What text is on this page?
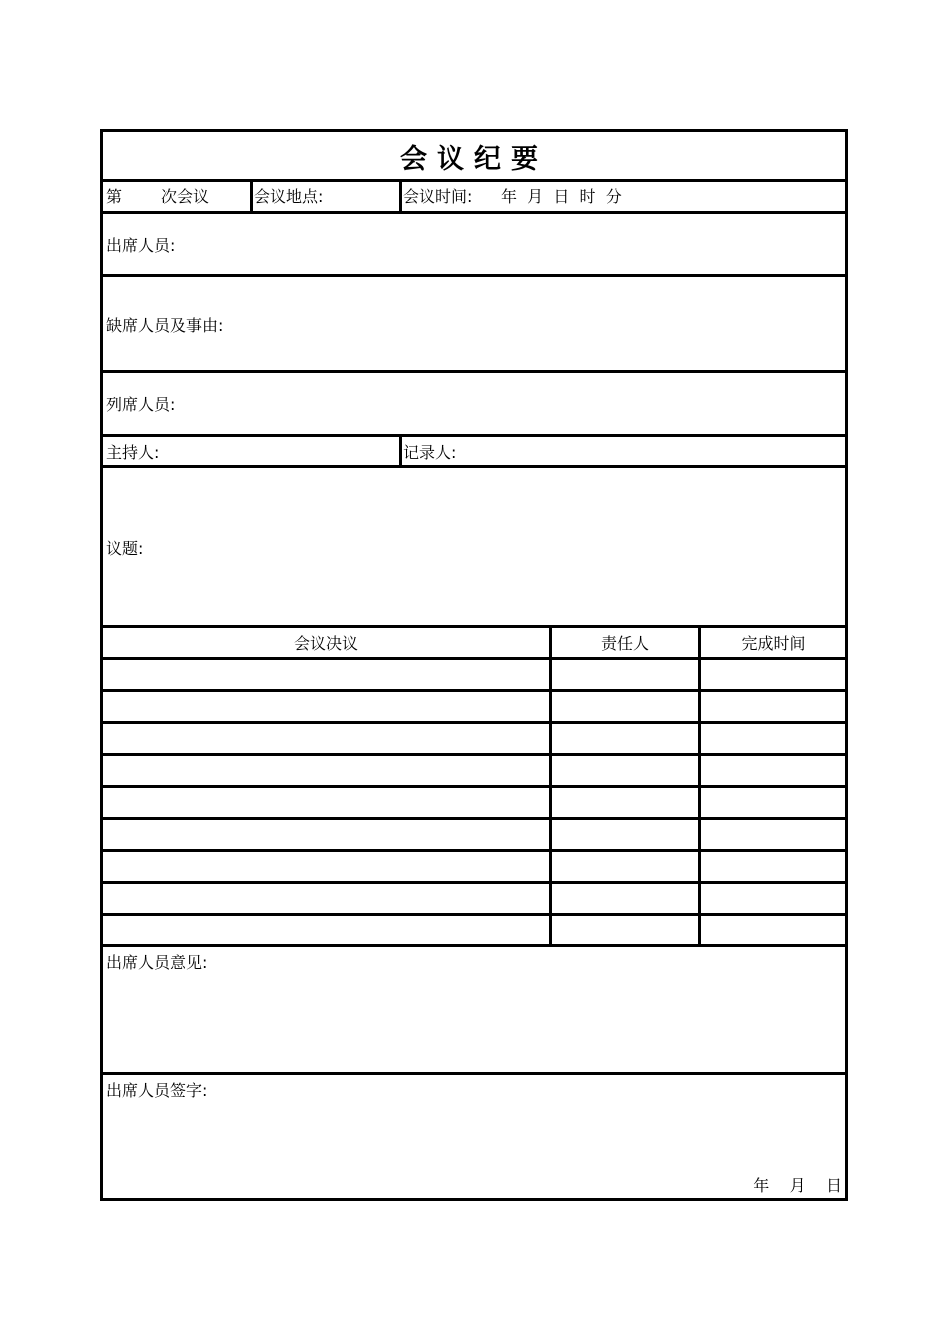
会议纪要
第 次会议	会议地点:	会议时间: 年  月  日  时  分
出席人员:
缺席人员及事由:
列席人员:
主持人:	记录人:
议题:
会议决议	责任人	完成时间
出席人员意见:
出席人员签字:
年    月    日
